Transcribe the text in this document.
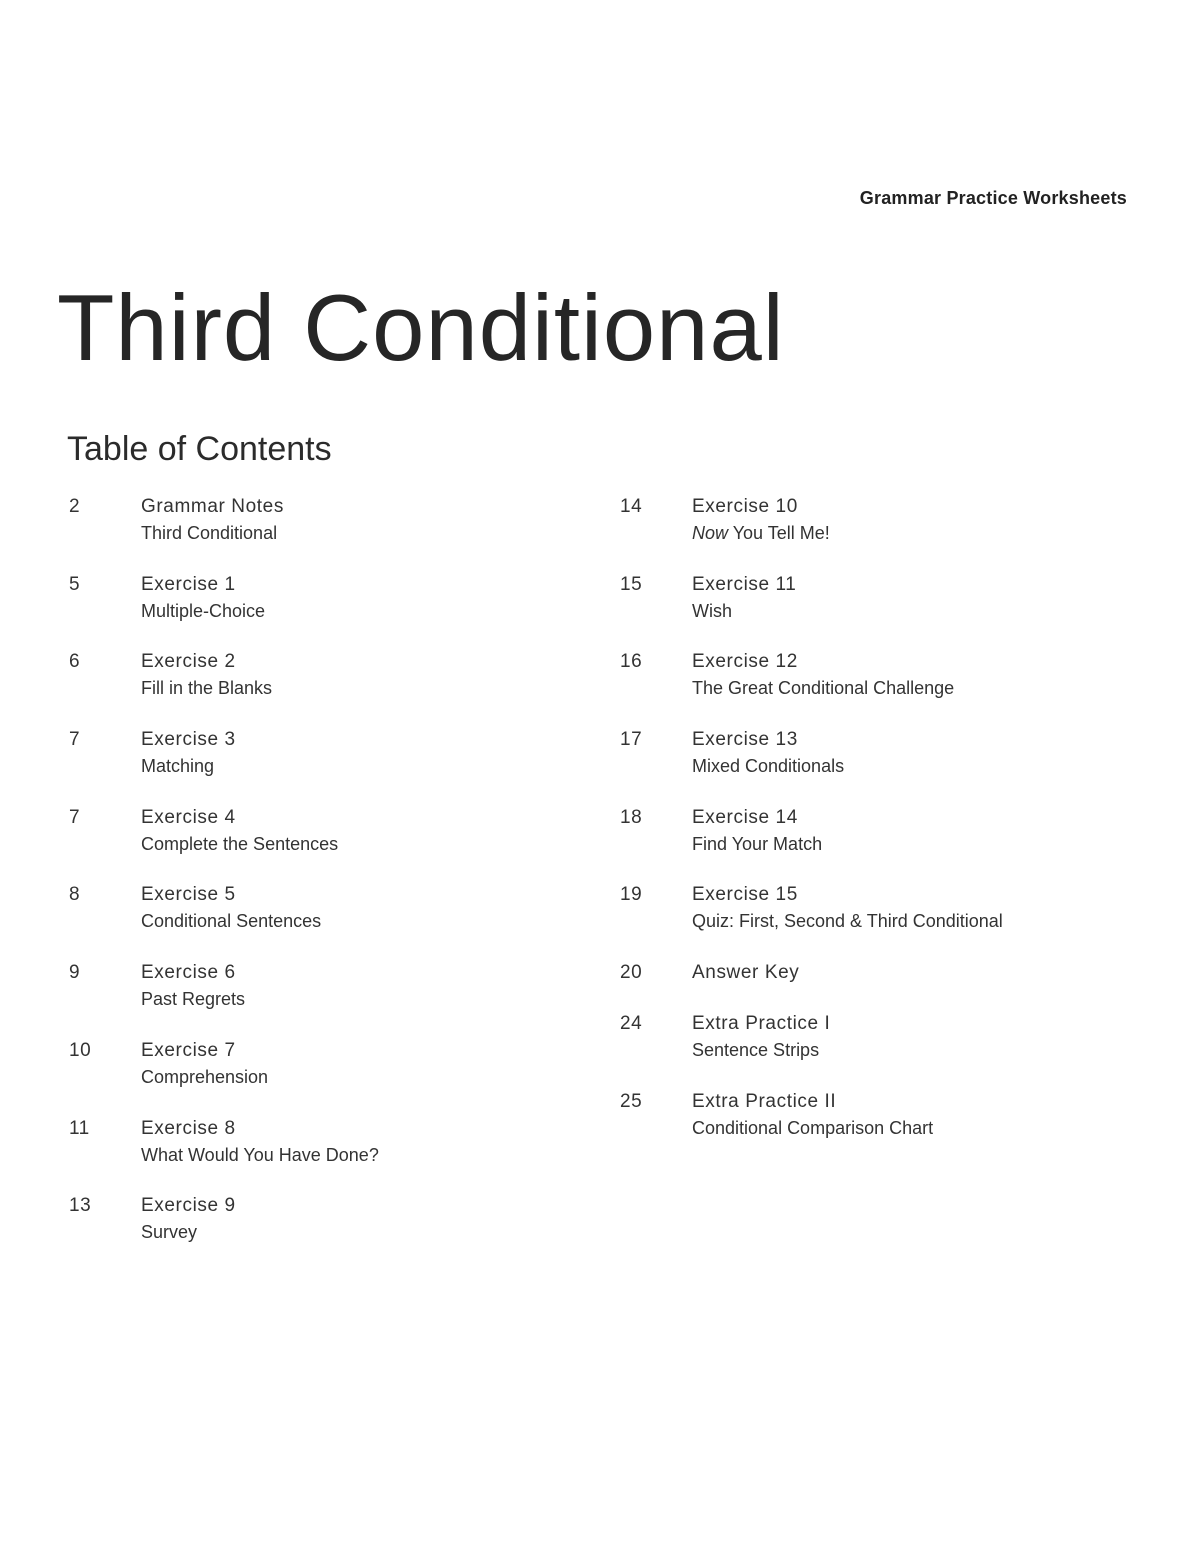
Grammar Practice Worksheets
Third Conditional
Table of Contents
2	Grammar Notes
Third Conditional
5	Exercise 1
Multiple-Choice
6	Exercise 2
Fill in the Blanks
7	Exercise 3
Matching
7	Exercise 4
Complete the Sentences
8	Exercise 5
Conditional Sentences
9	Exercise 6
Past Regrets
10	Exercise 7
Comprehension
11	Exercise 8
What Would You Have Done?
13	Exercise 9
Survey
14	Exercise 10
Now You Tell Me!
15	Exercise 11
Wish
16	Exercise 12
The Great Conditional Challenge
17	Exercise 13
Mixed Conditionals
18	Exercise 14
Find Your Match
19	Exercise 15
Quiz: First, Second & Third Conditional
20	Answer Key
24	Extra Practice I
Sentence Strips
25	Extra Practice II
Conditional Comparison Chart
